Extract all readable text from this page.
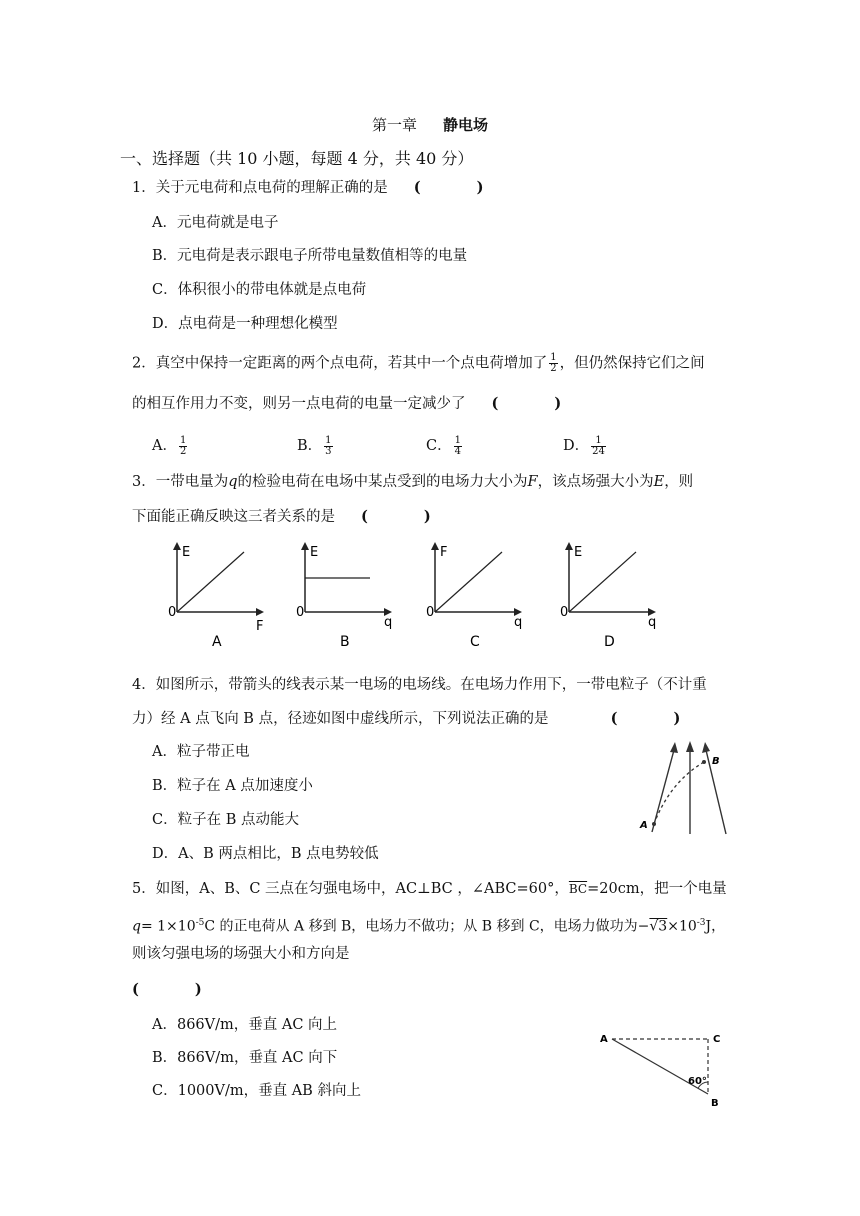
第一章 静电场
一、选择题（共 10 小题，每题 4 分，共 40 分）
1．关于元电荷和点电荷的理解正确的是 (	)
A．元电荷就是电子
B．元电荷是表示跟电子所带电量数值相等的电量
C．体积很小的带电体就是点电荷
D．点电荷是一种理想化模型
2．真空中保持一定距离的两个点电荷，若其中一个点电荷增加了 $\frac{1}{2}$ ，但仍然保持它们之间
的相互作用力不变，则另一点电荷的电量一定减少了 (	)
A． $\frac{1}{2}$	B． $\frac{1}{3}$	C． $\frac{1}{4}$	D． $\frac{1}{24}$
3．一带电量为q的检验电荷在电场中某点受到的电场力大小为F，该点场强大小为E，则
下面能正确反映这三者关系的是 (	)
E
0
F
A
E
0
q
B
F
0
q
C
E
0
q
D
4．如图所示，带箭头的线表示某一电场的电场线。在电场力作用下，一带电粒子（不计重
力）经 A 点飞向 B 点，径迹如图中虚线所示，下列说法正确的是	(	)
A．粒子带正电
B．粒子在 A 点加速度小
C．粒子在 B 点动能大
D．A、B 两点相比，B 点电势较低
A
B
5．如图，A、B、C 三点在匀强电场中，AC⊥BC ，∠ABC=60°，$\overline{BC}=20cm$，把一个电量
$q= 1\times 10^{-5}C$ 的正电荷从 A 移到 B，电场力不做功；从 B 移到 C，电场力做功为$-√3\times 10^{-3}J$，
则该匀强电场的场强大小和方向是
(	)
A．866V/m，垂直 AC 向上
B．866V/m，垂直 AC 向下
C．1000V/m，垂直 AB 斜向上
A	C
B
60°
